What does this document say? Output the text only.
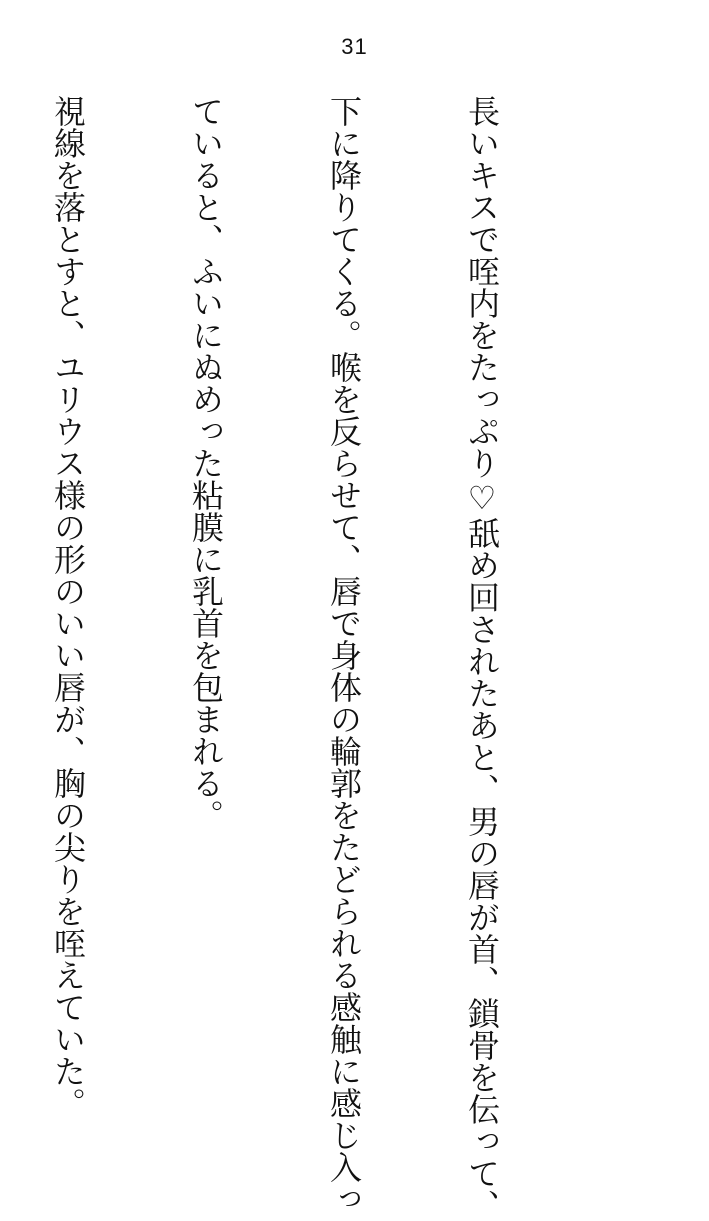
31

長いキスで咥内をたっぷり♡舐め回されたあと、男の唇が首、鎖骨を伝って、

下に降りてくる。喉を反らせて、唇で身体の輪郭をたどられる感触に感じ入っ

ていると、ふいにぬめった粘膜に乳首を包まれる。

視線を落とすと、ユリウス様の形のいい唇が、胸の尖りを咥えていた。
